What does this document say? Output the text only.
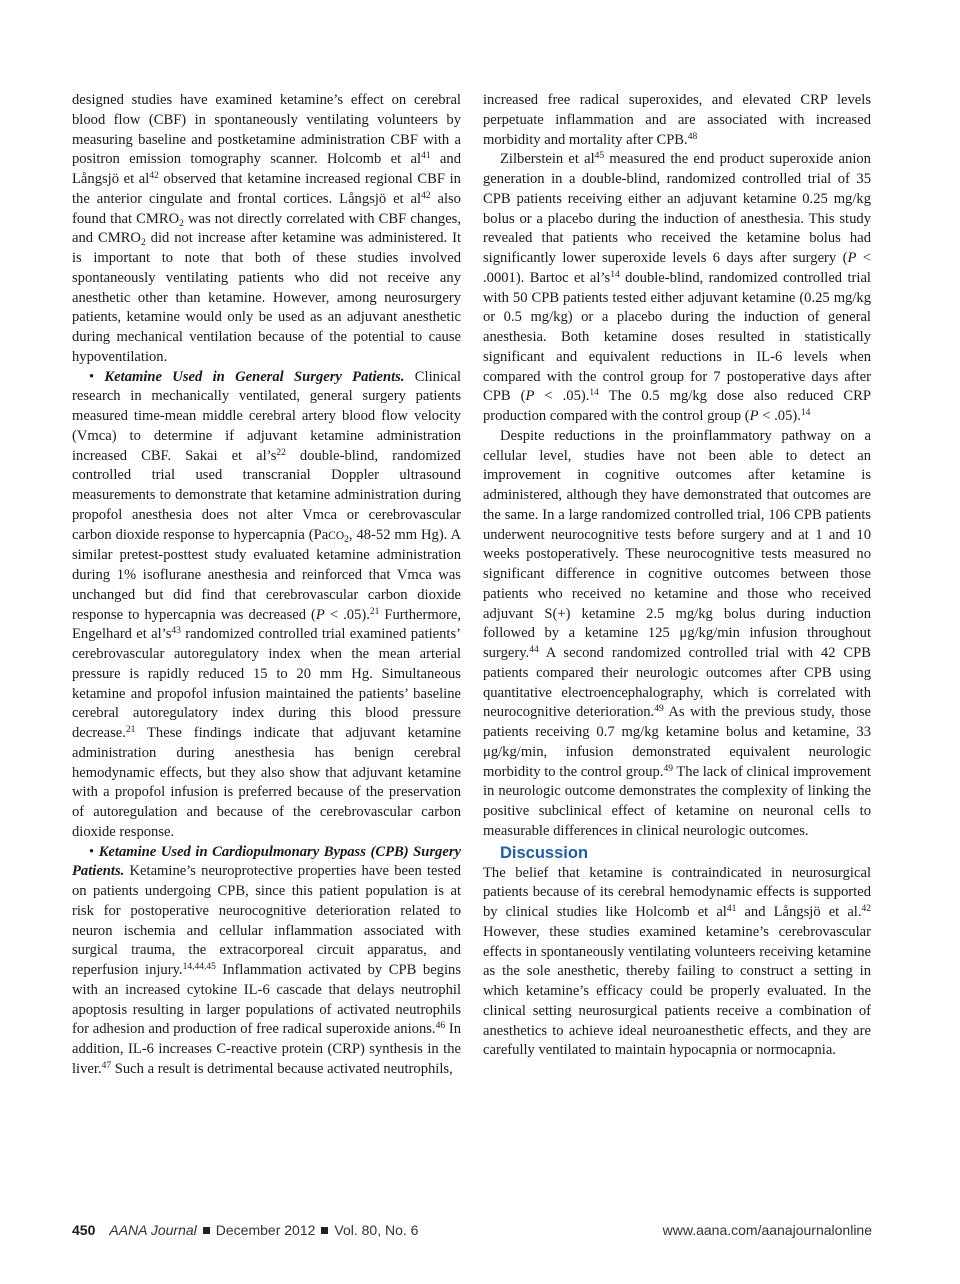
designed studies have examined ketamine’s effect on cerebral blood flow (CBF) in spontaneously ventilating volunteers by measuring baseline and postketamine administration CBF with a positron emission tomography scanner. Holcomb et $al^{41}$ and Långsjö et $al^{42}$ observed that ketamine increased regional CBF in the anterior cingulate and frontal cortices. Långsjö et $al^{42}$ also found that $CMRO_2$ was not directly correlated with CBF changes, and $CMRO_2$ did not increase after ketamine was administered. It is important to note that both of these studies involved spontaneously ventilating patients who did not receive any anesthetic other than ketamine. However, among neurosurgery patients, ketamine would only be used as an adjuvant anesthetic during mechanical ventilation because of the potential to cause hypoventilation.

• Ketamine Used in General Surgery Patients. Clinical research in mechanically ventilated, general surgery patients measured time-mean middle cerebral artery blood flow velocity (Vmca) to determine if adjuvant ketamine administration increased CBF. Sakai et $al’s^{22}$ double-blind, randomized controlled trial used transcranial Doppler ultrasound measurements to demonstrate that ketamine administration during propofol anesthesia does not alter Vmca or cerebrovascular carbon dioxide response to hypercapnia (PaCO$_2$, 48-52 mm Hg). A similar pretest-posttest study evaluated ketamine administration during 1% isoflurane anesthesia and reinforced that Vmca was unchanged but did find that cerebrovascular carbon dioxide response to hypercapnia was decreased (P < .05).$^{21}$ Furthermore, Engelhard et $al’s^{43}$ randomized controlled trial examined patients’ cerebrovascular autoregulatory index when the mean arterial pressure is rapidly reduced 15 to 20 mm Hg. Simultaneous ketamine and propofol infusion maintained the patients’ baseline cerebral autoregulatory index during this blood pressure decrease.$^{21}$ These findings indicate that adjuvant ketamine administration during anesthesia has benign cerebral hemodynamic effects, but they also show that adjuvant ketamine with a propofol infusion is preferred because of the preservation of autoregulation and because of the cerebrovascular carbon dioxide response.

• Ketamine Used in Cardiopulmonary Bypass (CPB) Surgery Patients. Ketamine’s neuroprotective properties have been tested on patients undergoing CPB, since this patient population is at risk for postoperative neurocognitive deterioration related to neuron ischemia and cellular inflammation associated with surgical trauma, the extracorporeal circuit apparatus, and reperfusion injury.$^{14,44,45}$ Inflammation activated by CPB begins with an increased cytokine IL-6 cascade that delays neutrophil apoptosis resulting in larger populations of activated neutrophils for adhesion and production of free radical superoxide anions.$^{46}$ In addition, IL-6 increases C-reactive protein (CRP) synthesis in the liver.$^{47}$ Such a result is detrimental because activated neutrophils,

increased free radical superoxides, and elevated CRP levels perpetuate inflammation and are associated with increased morbidity and mortality after CPB.$^{48}$

Zilberstein et $al^{45}$ measured the end product superoxide anion generation in a double-blind, randomized controlled trial of 35 CPB patients receiving either an adjuvant ketamine 0.25 mg/kg bolus or a placebo during the induction of anesthesia. This study revealed that patients who received the ketamine bolus had significantly lower superoxide levels 6 days after surgery (P < .0001). Bartoc et $al’s^{14}$ double-blind, randomized controlled trial with 50 CPB patients tested either adjuvant ketamine (0.25 mg/kg or 0.5 mg/kg) or a placebo during the induction of general anesthesia. Both ketamine doses resulted in statistically significant and equivalent reductions in IL-6 levels when compared with the control group for 7 postoperative days after CPB (P < .05).$^{14}$ The 0.5 mg/kg dose also reduced CRP production compared with the control group (P < .05).$^{14}$

Despite reductions in the proinflammatory pathway on a cellular level, studies have not been able to detect an improvement in cognitive outcomes after ketamine is administered, although they have demonstrated that outcomes are the same. In a large randomized controlled trial, 106 CPB patients underwent neurocognitive tests before surgery and at 1 and 10 weeks postoperatively. These neurocognitive tests measured no significant difference in cognitive outcomes between those patients who received no ketamine and those who received adjuvant S(+) ketamine 2.5 mg/kg bolus during induction followed by a ketamine 125 μg/kg/min infusion throughout surgery.$^{44}$ A second randomized controlled trial with 42 CPB patients compared their neurologic outcomes after CPB using quantitative electroencephalography, which is correlated with neurocognitive deterioration.$^{49}$ As with the previous study, those patients receiving 0.7 mg/kg ketamine bolus and ketamine, 33 μg/kg/min, infusion demonstrated equivalent neurologic morbidity to the control group.$^{49}$ The lack of clinical improvement in neurologic outcome demonstrates the complexity of linking the positive subclinical effect of ketamine on neuronal cells to measurable differences in clinical neurologic outcomes.

Discussion

The belief that ketamine is contraindicated in neurosurgical patients because of its cerebral hemodynamic effects is supported by clinical studies like Holcomb et $al^{41}$ and Långsjö et al.$^{42}$ However, these studies examined ketamine’s cerebrovascular effects in spontaneously ventilating volunteers receiving ketamine as the sole anesthetic, thereby failing to construct a setting in which ketamine’s efficacy could be properly evaluated. In the clinical setting neurosurgical patients receive a combination of anesthetics to achieve ideal neuroanesthetic effects, and they are carefully ventilated to maintain hypocapnia or normocapnia.

450 AANA Journal December 2012 Vol. 80, No. 6	www.aana.com/aanajournalonline
